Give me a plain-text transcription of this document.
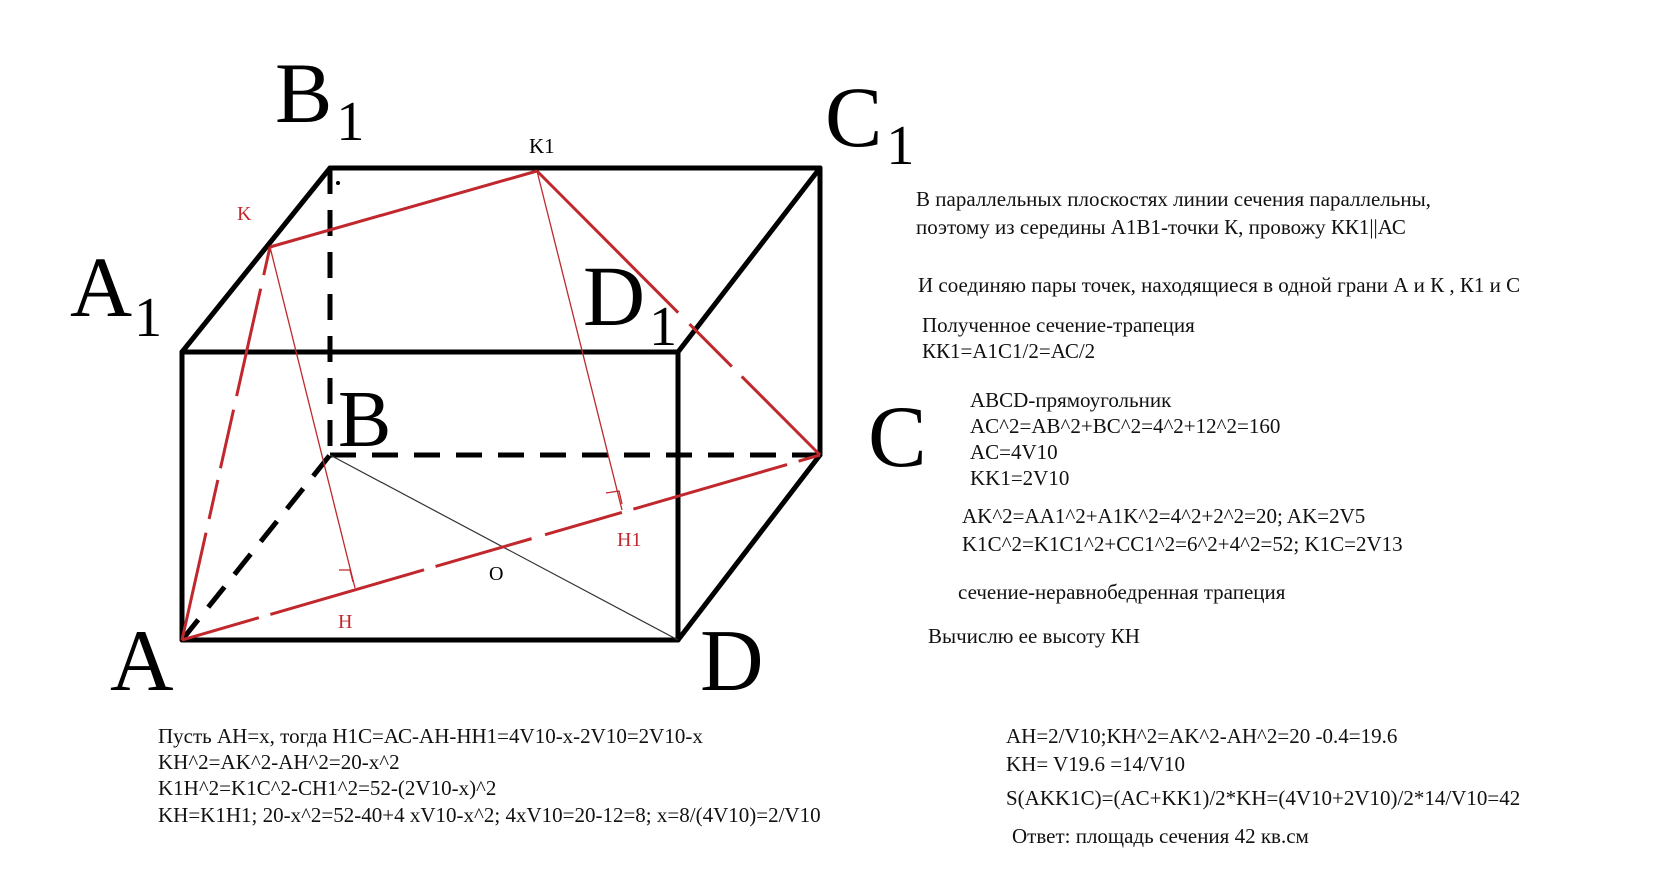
$B_1$	$C_1$
$A_1$	$D_1$
B	C
A	D
K1
K
H
H1
O
В параллельных плоскостях линии сечения параллельны,
поэтому из середины А1В1-точки К, провожу КК1||АС
И соединяю пары точек, находящиеся в одной грани А и К , К1 и С
Полученное сечение-трапеция
КК1=А1С1/2=АС/2
ABCD-прямоугольник
AC^2=AB^2+BC^2=4^2+12^2=160
AC=4V10
KK1=2V10
AK^2=AA1^2+A1K^2=4^2+2^2=20; AK=2V5
K1C^2=K1C1^2+CC1^2=6^2+4^2=52; K1C=2V13
сечение-неравнобедренная трапеция
Вычислю ее высоту КН
Пусть АН=х, тогда Н1С=АС-АН-НН1=4V10-x-2V10=2V10-x
KH^2=AK^2-AH^2=20-x^2
K1H^2=K1C^2-CH1^2=52-(2V10-x)^2
KH=K1H1; 20-x^2=52-40+4 xV10-x^2; 4xV10=20-12=8; x=8/(4V10)=2/V10
AH=2/V10;KH^2=AK^2-AH^2=20 -0.4=19.6
KH= V19.6 =14/V10
S(AKK1C)=(AC+KK1)/2*KH=(4V10+2V10)/2*14/V10=42
Ответ: площадь сечения 42 кв.см
